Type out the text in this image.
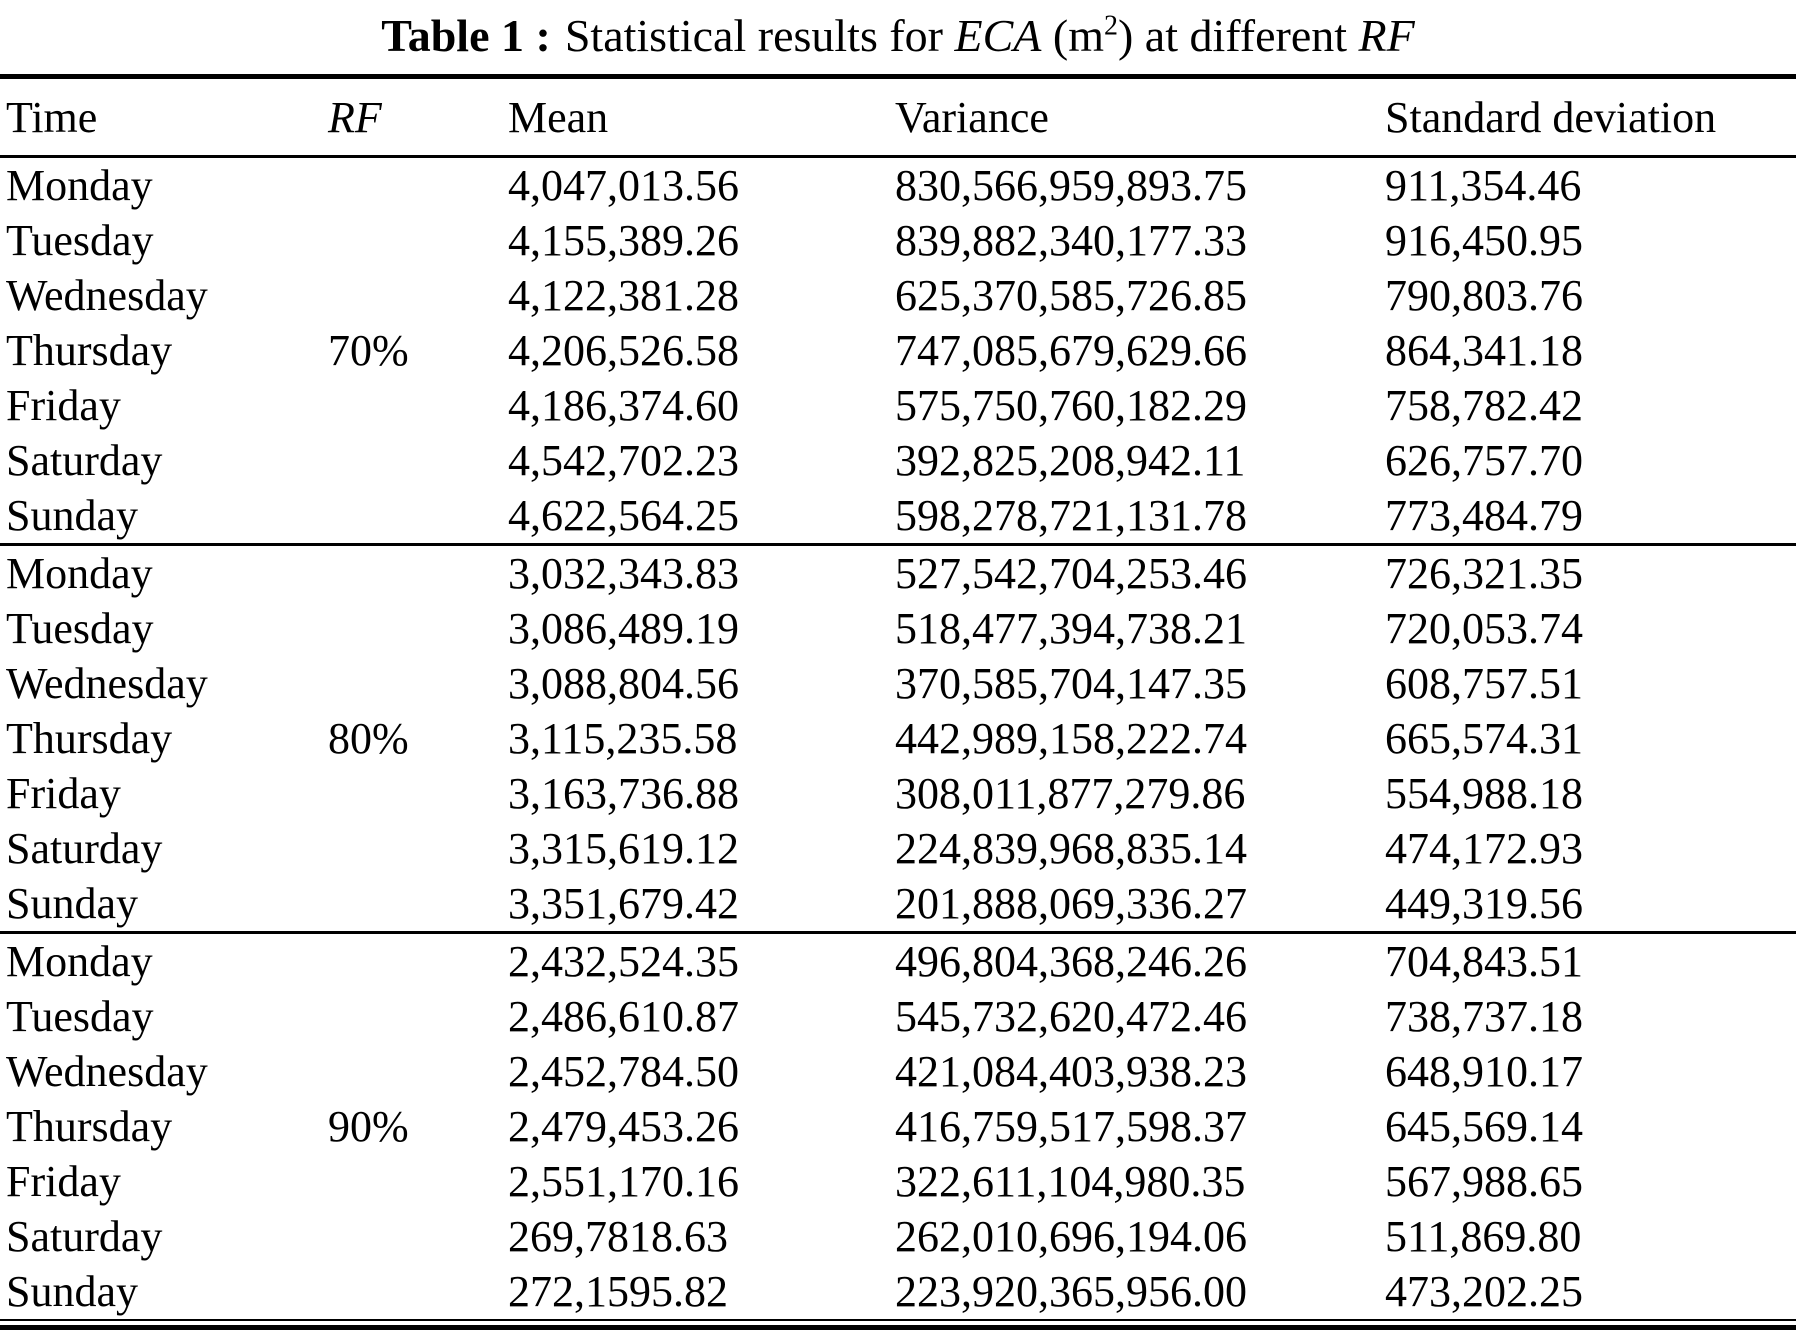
Table 1 : Statistical results for ECA $(m^2)$ at different RF
Time	RF	Mean	Variance	Standard deviation
Monday		4,047,013.56	830,566,959,893.75	911,354.46
Tuesday		4,155,389.26	839,882,340,177.33	916,450.95
Wednesday		4,122,381.28	625,370,585,726.85	790,803.76
Thursday	70%	4,206,526.58	747,085,679,629.66	864,341.18
Friday		4,186,374.60	575,750,760,182.29	758,782.42
Saturday		4,542,702.23	392,825,208,942.11	626,757.70
Sunday		4,622,564.25	598,278,721,131.78	773,484.79
Monday		3,032,343.83	527,542,704,253.46	726,321.35
Tuesday		3,086,489.19	518,477,394,738.21	720,053.74
Wednesday		3,088,804.56	370,585,704,147.35	608,757.51
Thursday	80%	3,115,235.58	442,989,158,222.74	665,574.31
Friday		3,163,736.88	308,011,877,279.86	554,988.18
Saturday		3,315,619.12	224,839,968,835.14	474,172.93
Sunday		3,351,679.42	201,888,069,336.27	449,319.56
Monday		2,432,524.35	496,804,368,246.26	704,843.51
Tuesday		2,486,610.87	545,732,620,472.46	738,737.18
Wednesday		2,452,784.50	421,084,403,938.23	648,910.17
Thursday	90%	2,479,453.26	416,759,517,598.37	645,569.14
Friday		2,551,170.16	322,611,104,980.35	567,988.65
Saturday		269,7818.63	262,010,696,194.06	511,869.80
Sunday		272,1595.82	223,920,365,956.00	473,202.25
